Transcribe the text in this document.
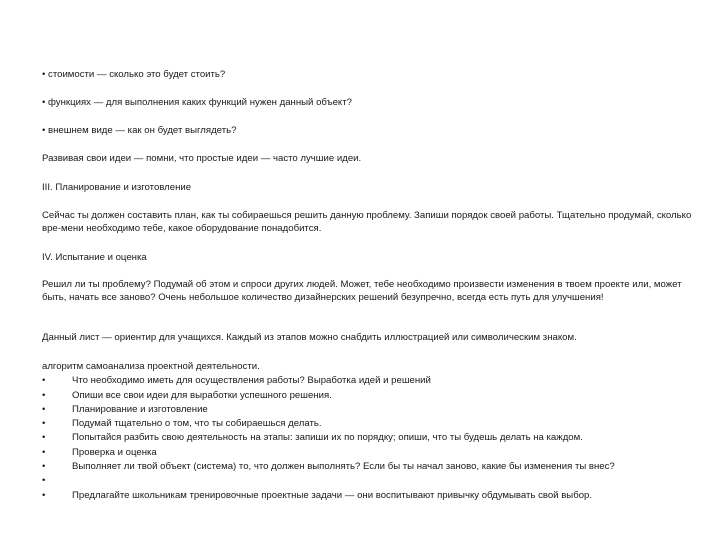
• стоимости — сколько это будет стоить?
• функциях — для выполнения каких функций нужен данный объект?
• внешнем виде — как он будет выглядеть?
Развивая свои идеи — помни, что простые идеи — часто лучшие идеи.
III. Планирование и изготовление
Сейчас ты должен составить план, как ты собираешься решить данную проблему. Запиши порядок своей работы. Тщательно продумай, сколько вре-мени необходимо тебе, какое оборудование понадобится.
IV. Испытание и оценка
Решил ли ты проблему? Подумай об этом и спроси других людей. Может, тебе необходимо произвести изменения в твоем проекте или, может быть, начать все заново? Очень небольшое количество дизайнерских решений безупречно, всегда есть путь для улучшения!
Данный лист — ориентир для учащихся. Каждый из этапов можно снабдить иллюстрацией или символическим знаком.
алгоритм самоанализа проектной деятельности.
•	Что необходимо иметь для осуществления работы? Выработка идей и решений
•	Опиши все свои идеи для выработки успешного решения.
•	Планирование и изготовление
•	Подумай тщательно о том, что ты собираешься делать.
•	Попытайся разбить свою деятельность на этапы: запиши их по порядку; опиши, что ты будешь делать на каждом.
•	Проверка и оценка
•	Выполняет ли твой объект (система) то, что должен выполнять? Если бы ты начал заново, какие бы изменения ты внес?
•
•	Предлагайте школьникам тренировочные проектные задачи — они воспитывают привычку обдумывать свой выбор.
